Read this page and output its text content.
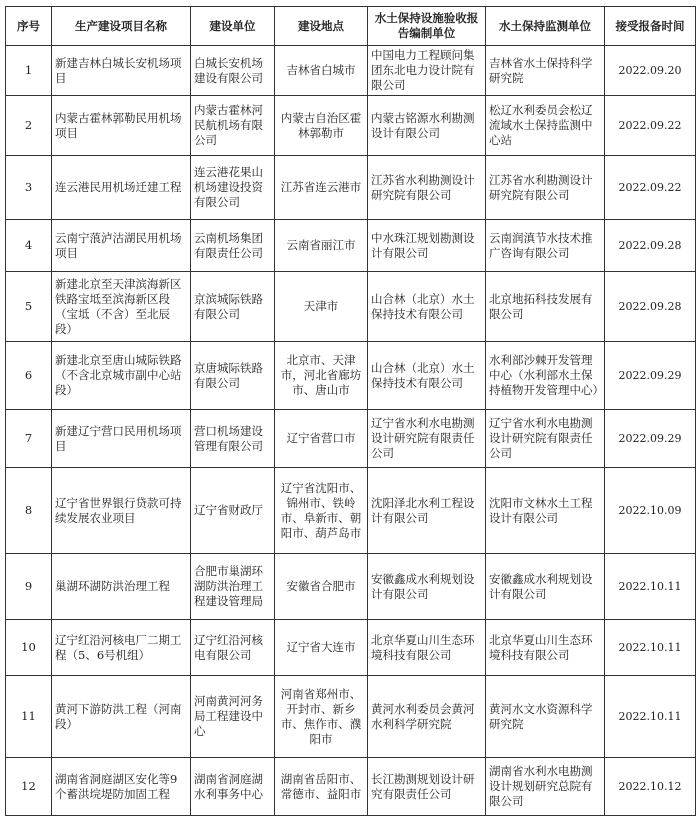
序号	生产建设项目名称	建设单位	建设地点	水土保持设施验收报告编制单位	水土保持监测单位	接受报备时间
1	新建吉林白城长安机场项目	白城长安机场建设有限公司	吉林省白城市	中国电力工程顾问集团东北电力设计院有限公司	吉林省水土保持科学研究院	2022.09.20
2	内蒙古霍林郭勒民用机场项目	内蒙古霍林河民航机场有限公司	内蒙古自治区霍林郭勒市	内蒙古铭源水利勘测设计有限公司	松辽水利委员会松辽流域水土保持监测中心站	2022.09.22
3	连云港民用机场迁建工程	连云港花果山机场建设投资有限公司	江苏省连云港市	江苏省水利勘测设计研究院有限公司	江苏省水利勘测设计研究院有限公司	2022.09.22
4	云南宁蒗泸沽湖民用机场项目	云南机场集团有限责任公司	云南省丽江市	中水珠江规划勘测设计有限公司	云南润滇节水技术推广咨询有限公司	2022.09.28
5	新建北京至天津滨海新区铁路宝坻至滨海新区段（宝坻（不含）至北辰段）	京滨城际铁路有限公司	天津市	山合林（北京）水土保持技术有限公司	北京地拓科技发展有限公司	2022.09.28
6	新建北京至唐山城际铁路（不含北京城市副中心站段）	京唐城际铁路有限公司	北京市、天津市，河北省廊坊市、唐山市	山合林（北京）水土保持技术有限公司	水利部沙棘开发管理中心（水利部水土保持植物开发管理中心）	2022.09.29
7	新建辽宁营口民用机场项目	营口机场建设管理有限公司	辽宁省营口市	辽宁省水利水电勘测设计研究院有限责任公司	辽宁省水利水电勘测设计研究院有限责任公司	2022.09.29
8	辽宁省世界银行贷款可持续发展农业项目	辽宁省财政厅	辽宁省沈阳市、锦州市、铁岭市、阜新市、朝阳市、葫芦岛市	沈阳泽北水利工程设计有限公司	沈阳市文林水土工程设计有限公司	2022.10.09
9	巢湖环湖防洪治理工程	合肥市巢湖环湖防洪治理工程建设管理局	安徽省合肥市	安徽鑫成水利规划设计有限公司	安徽鑫成水利规划设计有限公司	2022.10.11
10	辽宁红沿河核电厂二期工程（5、6号机组）	辽宁红沿河核电有限公司	辽宁省大连市	北京华夏山川生态环境科技有限公司	北京华夏山川生态环境科技有限公司	2022.10.11
11	黄河下游防洪工程（河南段）	河南黄河河务局工程建设中心	河南省郑州市、开封市、新乡市、焦作市、濮阳市	黄河水利委员会黄河水利科学研究院	黄河水文水资源科学研究院	2022.10.11
12	湖南省洞庭湖区安化等9个蓄洪垸堤防加固工程	湖南省洞庭湖水利事务中心	湖南省岳阳市、常德市、益阳市	长江勘测规划设计研究有限责任公司	湖南省水利水电勘测设计规划研究总院有限公司	2022.10.12
